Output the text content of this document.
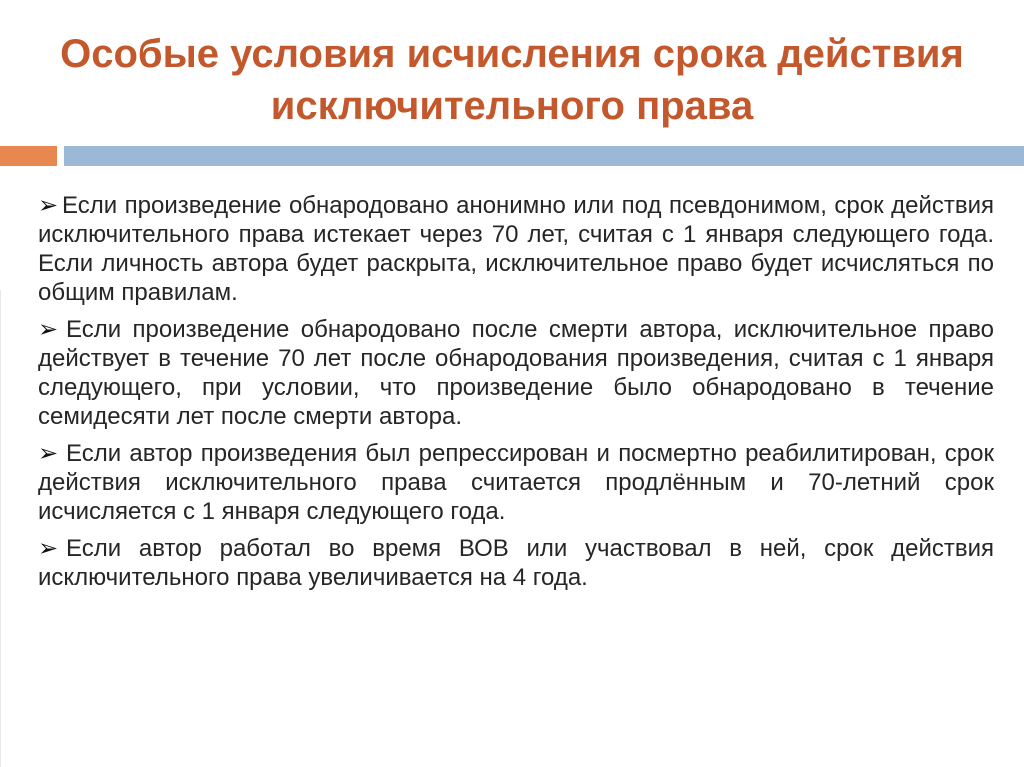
Особые условия исчисления срока действия исключительного права
➢ Если произведение обнародовано анонимно или под псевдонимом, срок действия исключительного права истекает через 70 лет, считая с 1 января следующего года. Если личность автора будет раскрыта, исключительное право будет исчисляться по общим правилам.
➢ Если произведение обнародовано после смерти автора, исключительное право действует в течение 70 лет после обнародования произведения, считая с 1 января следующего, при условии, что произведение было обнародовано в течение семидесяти лет после смерти автора.
➢ Если автор произведения был репрессирован и посмертно реабилитирован, срок действия исключительного права считается продлённым и 70-летний срок исчисляется с 1 января следующего года.
➢ Если автор работал во время ВОВ или участвовал в ней, срок действия исключительного права увеличивается на 4 года.
